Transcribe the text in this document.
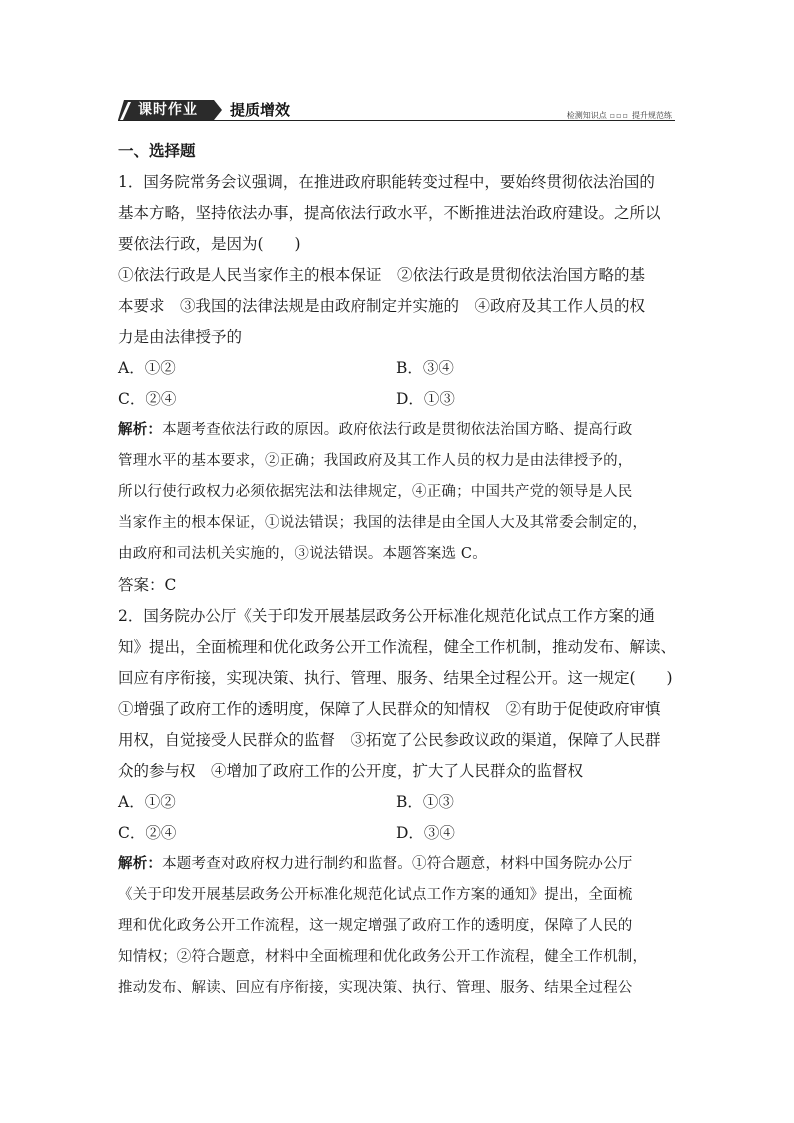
课时作业 提质增效	检测知识点 ▫▫▫ 提升规范练
一、选择题
1．国务院常务会议强调，在推进政府职能转变过程中，要始终贯彻依法治国的
基本方略，坚持依法办事，提高依法行政水平，不断推进法治政府建设。之所以
要依法行政，是因为(　　)
①依法行政是人民当家作主的根本保证　②依法行政是贯彻依法治国方略的基
本要求　③我国的法律法规是由政府制定并实施的　④政府及其工作人员的权
力是由法律授予的
A．①②	B．③④
C．②④	D．①③
解析：本题考查依法行政的原因。政府依法行政是贯彻依法治国方略、提高行政
管理水平的基本要求，②正确；我国政府及其工作人员的权力是由法律授予的，
所以行使行政权力必须依据宪法和法律规定，④正确；中国共产党的领导是人民
当家作主的根本保证，①说法错误；我国的法律是由全国人大及其常委会制定的，
由政府和司法机关实施的，③说法错误。本题答案选 C。
答案：C
2．国务院办公厅《关于印发开展基层政务公开标准化规范化试点工作方案的通
知》提出，全面梳理和优化政务公开工作流程，健全工作机制，推动发布、解读、
回应有序衔接，实现决策、执行、管理、服务、结果全过程公开。这一规定(　　)
①增强了政府工作的透明度，保障了人民群众的知情权　②有助于促使政府审慎
用权，自觉接受人民群众的监督　③拓宽了公民参政议政的渠道，保障了人民群
众的参与权　④增加了政府工作的公开度，扩大了人民群众的监督权
A．①②	B．①③
C．②④	D．③④
解析：本题考查对政府权力进行制约和监督。①符合题意，材料中国务院办公厅
《关于印发开展基层政务公开标准化规范化试点工作方案的通知》提出，全面梳
理和优化政务公开工作流程，这一规定增强了政府工作的透明度，保障了人民的
知情权；②符合题意，材料中全面梳理和优化政务公开工作流程，健全工作机制，
推动发布、解读、回应有序衔接，实现决策、执行、管理、服务、结果全过程公
